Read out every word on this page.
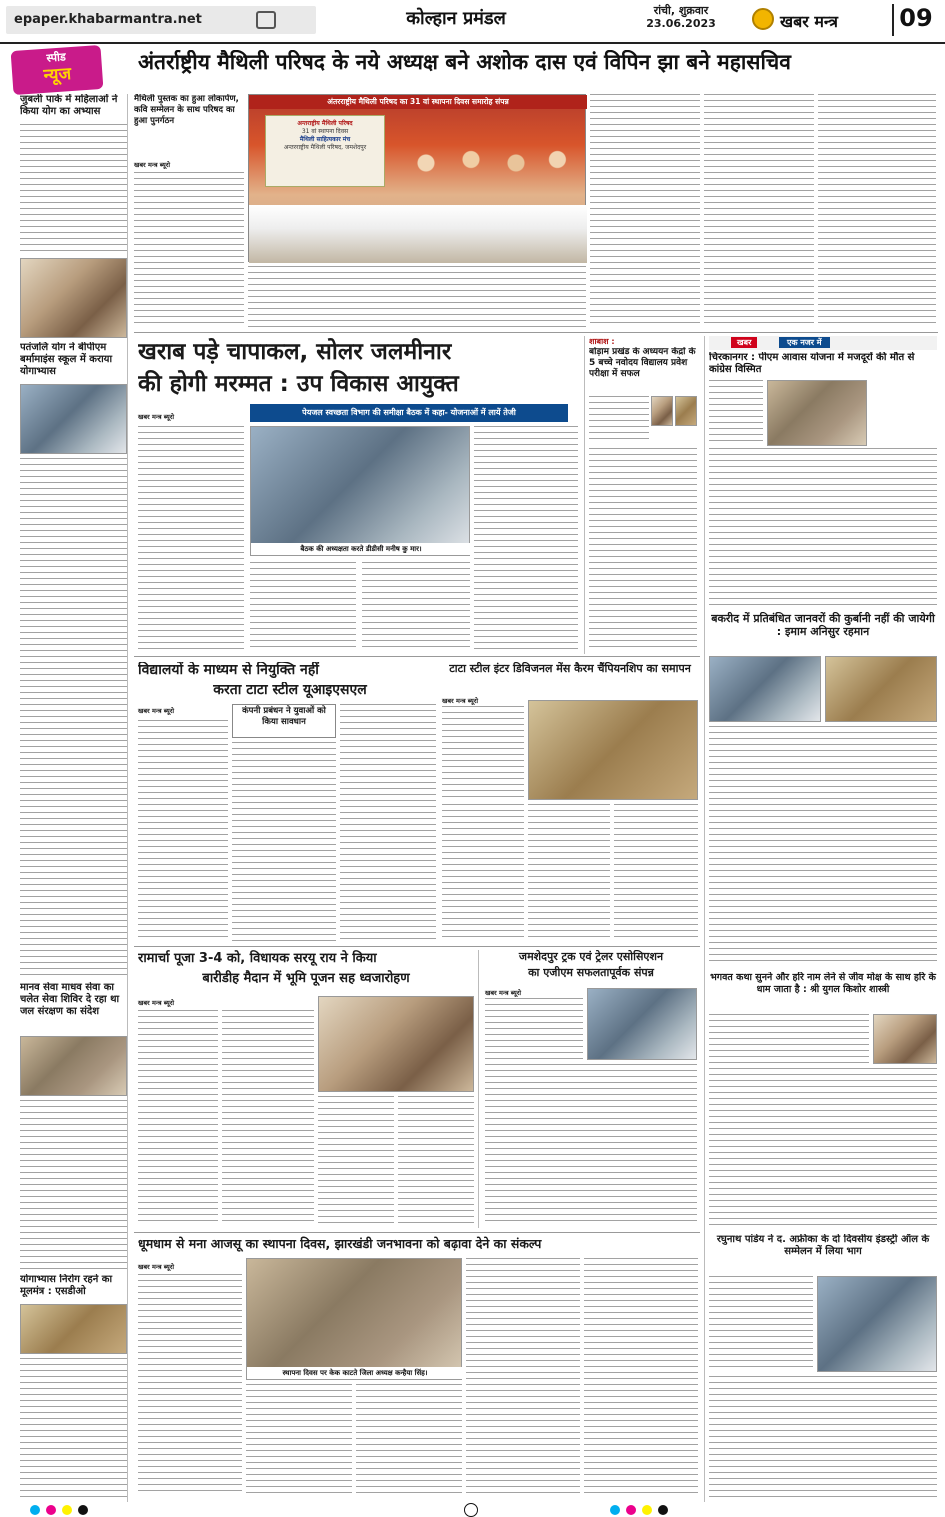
epaper.khabarmantra.net	कोल्हान प्रमंडल	रांची, शुक्रवार
23.06.2023	खबर मन्त्र	09
स्पीड
न्यूज
अंतर्राष्ट्रीय मैथिली परिषद के नये अध्यक्ष बने अशोक दास एवं विपिन झा बने महासचिव
जुबली पार्क में महिलाओं ने किया योग का अभ्यास
पतंजलि योग ने बीपीएम बर्मामाइंस स्कूल में कराया योगाभ्यास
मानव सेवा माधव सेवा का चलेत सेवा शिविर दे रहा था जल संरक्षण का संदेश
योगाभ्यास निरोग रहने का मूलमंत्र : एसडीओ
मैथिली पुस्तक का हुआ लोकार्पण, कवि सम्मेलन के साथ परिषद का हुआ पुनर्गठन
अंतरराष्ट्रीय मैथिली परिषद का 31 वां स्थापना दिवस समारोह संपन्न
अन्तराष्ट्रीय मैथिली परिषद
31 वां स्थापना दिवस
मैथिली साहित्यकार मंच
अन्तरराष्ट्रीय मैथिली परिषद, जमशेदपुर
खबर मन्त्र ब्यूरो
खराब पड़े चापाकल, सोलर जलमीनार
की होगी मरम्मत : उप विकास आयुक्त
पेयजल स्वच्छता विभाग की समीक्षा बैठक में कहा- योजनाओं में लायें तेजी
खबर मन्त्र ब्यूरो
बैठक की अध्यक्षता करते डीडीसी मनीष कु मार।
शाबाश :
बोड़ाम प्रखंड के अध्ययन केंद्रों के 5 बच्चे नवोदय विद्यालय प्रवेश परीक्षा में सफल
खबर	एक नजर में
चिरकानगर : पीएम आवास योजना में मजदूरों की मौत से कांग्रेस विस्मित
बकरीद में प्रतिबंधित जानवरों की कुर्बानी नहीं की जायेगी : इमाम अनिसुर रहमान
भगवत कथा सुनने और हरि नाम लेने से जीव मोक्ष के साथ हरि के धाम जाता है : श्री युगल किशोर शास्त्री
रघुनाथ पांडेय ने द. अफ्रीका के दो दिवसीय इंडस्ट्री ऑल के सम्मेलन में लिया भाग
विद्यालयों के माध्यम से नियुक्ति नहीं
करता टाटा स्टील यूआइएसएल
कंपनी प्रबंधन ने युवाओं को किया सावधान
खबर मन्त्र ब्यूरो
टाटा स्टील इंटर डिविजनल मेंस कैरम चैंपियनशिप का समापन
खबर मन्त्र ब्यूरो
रामार्चा पूजा 3-4 को, विधायक सरयू राय ने किया
बारीडीह मैदान में भूमि पूजन सह ध्वजारोहण
खबर मन्त्र ब्यूरो
जमशेदपुर ट्रक एवं ट्रेलर एसोसिएशन
का एजीएम सफलतापूर्वक संपन्न
खबर मन्त्र ब्यूरो
धूमधाम से मना आजसू का स्थापना दिवस, झारखंडी जनभावना को बढ़ावा देने का संकल्प
खबर मन्त्र ब्यूरो
स्थापना दिवस पर केक काटते जिला अध्यक्ष कन्हैया सिंह।
